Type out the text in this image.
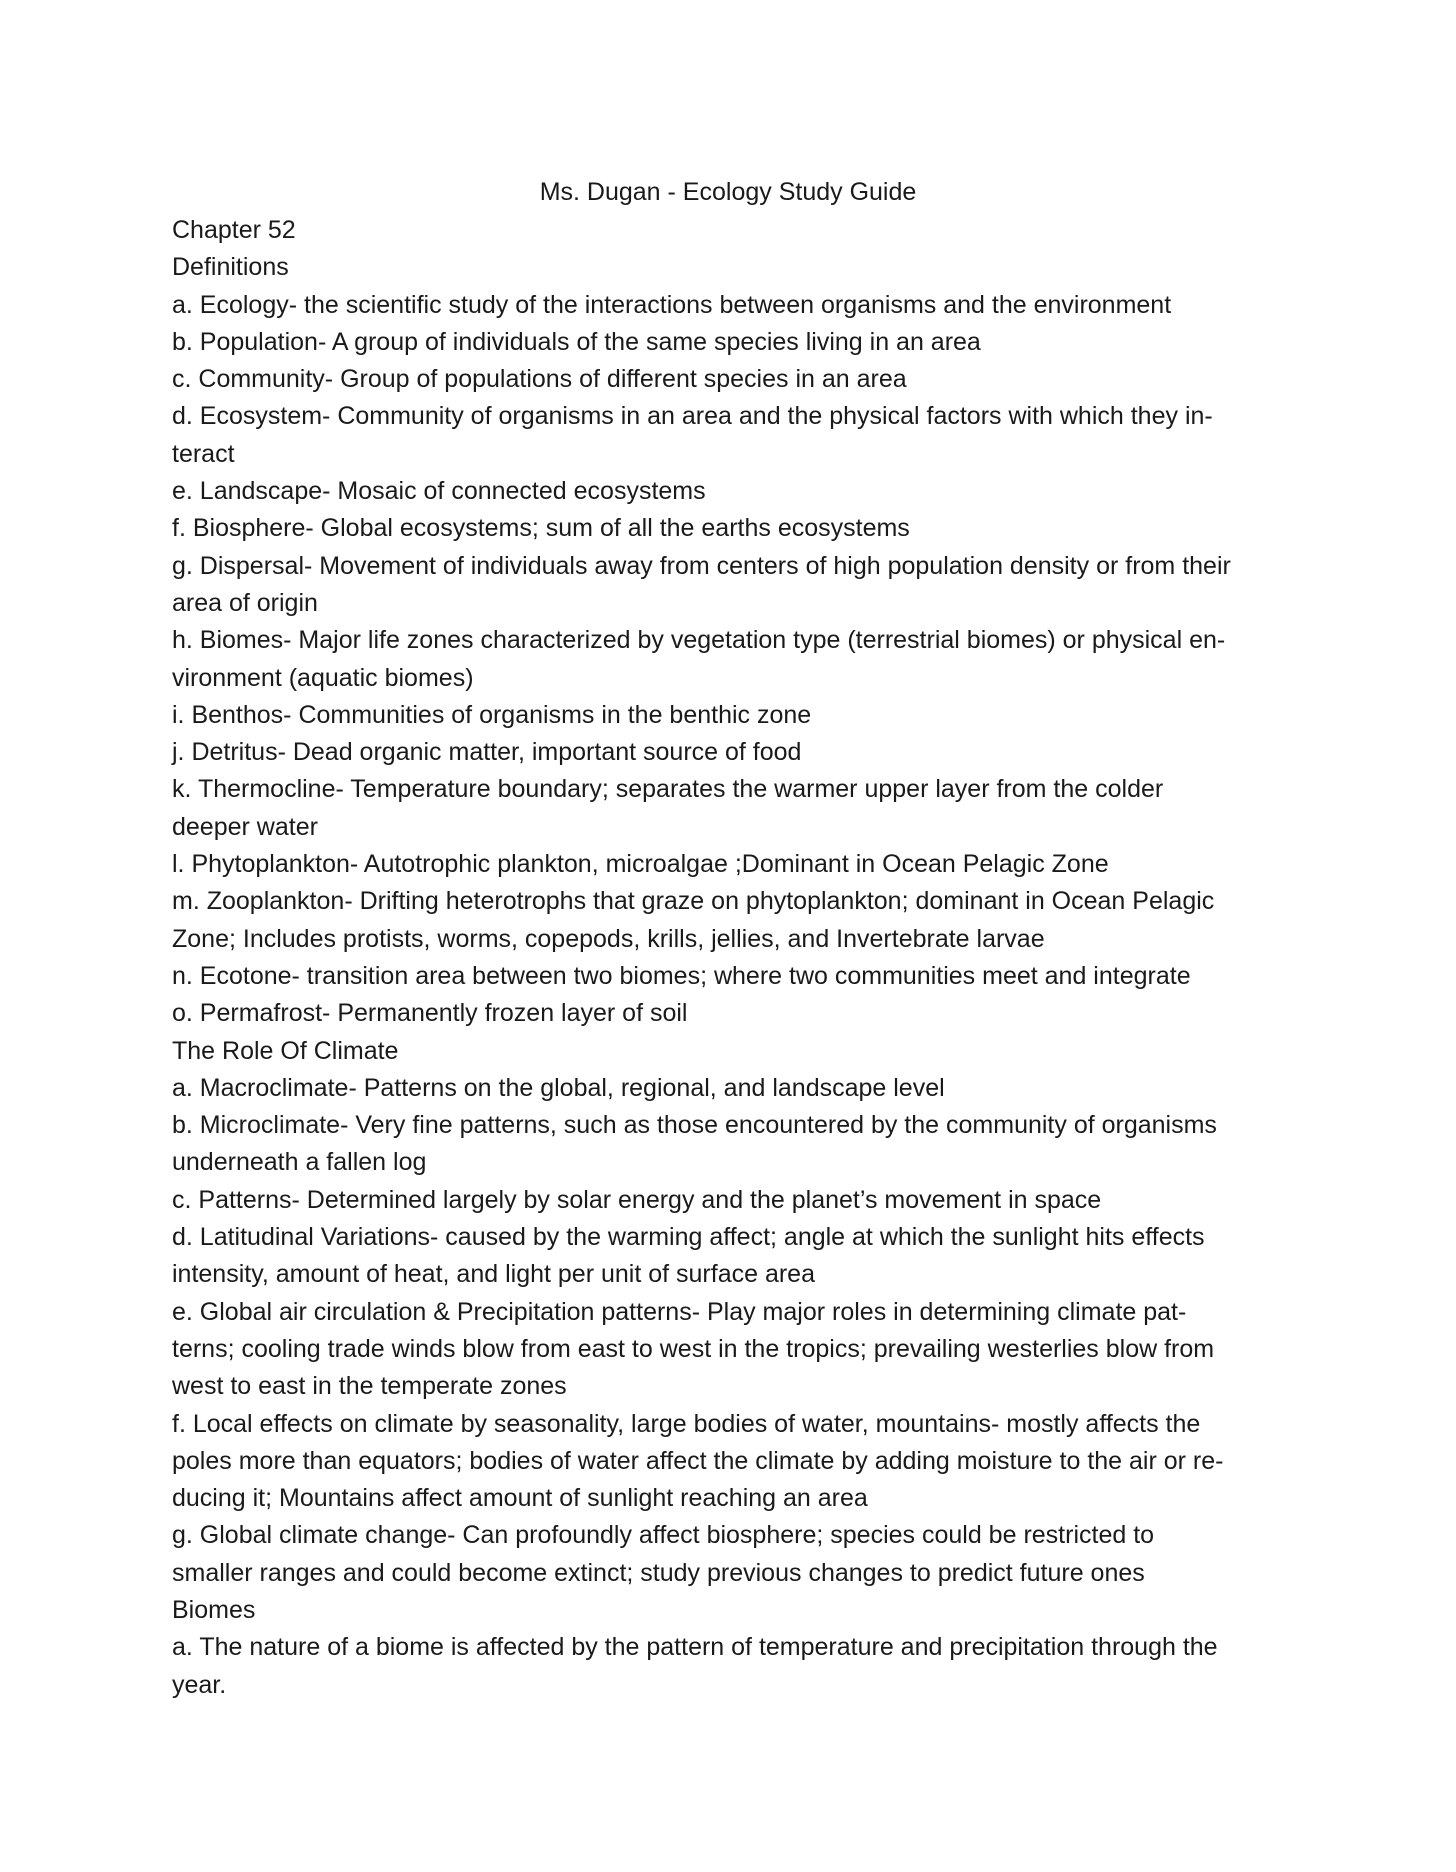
Ms. Dugan - Ecology Study Guide
Chapter 52
Definitions
a. Ecology- the scientific study of the interactions between organisms and the environment
b. Population- A group of individuals of the same species living in an area
c. Community- Group of populations of different species in an area
d. Ecosystem- Community of organisms in an area and the physical factors with which they in-
teract
e. Landscape- Mosaic of connected ecosystems
f. Biosphere- Global ecosystems; sum of all the earths ecosystems
g. Dispersal- Movement of individuals away from centers of high population density or from their
area of origin
h. Biomes- Major life zones characterized by vegetation type (terrestrial biomes) or physical en-
vironment (aquatic biomes)
i. Benthos- Communities of organisms in the benthic zone
j. Detritus- Dead organic matter, important source of food
k. Thermocline- Temperature boundary; separates the warmer upper layer from the colder
deeper water
l. Phytoplankton- Autotrophic plankton, microalgae ;Dominant in Ocean Pelagic Zone
m. Zooplankton- Drifting heterotrophs that graze on phytoplankton; dominant in Ocean Pelagic
Zone; Includes protists, worms, copepods, krills, jellies, and Invertebrate larvae
n. Ecotone- transition area between two biomes; where two communities meet and integrate
o. Permafrost- Permanently frozen layer of soil
The Role Of Climate
a. Macroclimate- Patterns on the global, regional, and landscape level
b. Microclimate- Very fine patterns, such as those encountered by the community of organisms
underneath a fallen log
c. Patterns- Determined largely by solar energy and the planet’s movement in space
d. Latitudinal Variations- caused by the warming affect; angle at which the sunlight hits effects
intensity, amount of heat, and light per unit of surface area
e. Global air circulation & Precipitation patterns- Play major roles in determining climate pat-
terns; cooling trade winds blow from east to west in the tropics; prevailing westerlies blow from
west to east in the temperate zones
f. Local effects on climate by seasonality, large bodies of water, mountains- mostly affects the
poles more than equators; bodies of water affect the climate by adding moisture to the air or re-
ducing it; Mountains affect amount of sunlight reaching an area
g. Global climate change- Can profoundly affect biosphere; species could be restricted to
smaller ranges and could become extinct; study previous changes to predict future ones
Biomes
a. The nature of a biome is affected by the pattern of temperature and precipitation through the
year.
